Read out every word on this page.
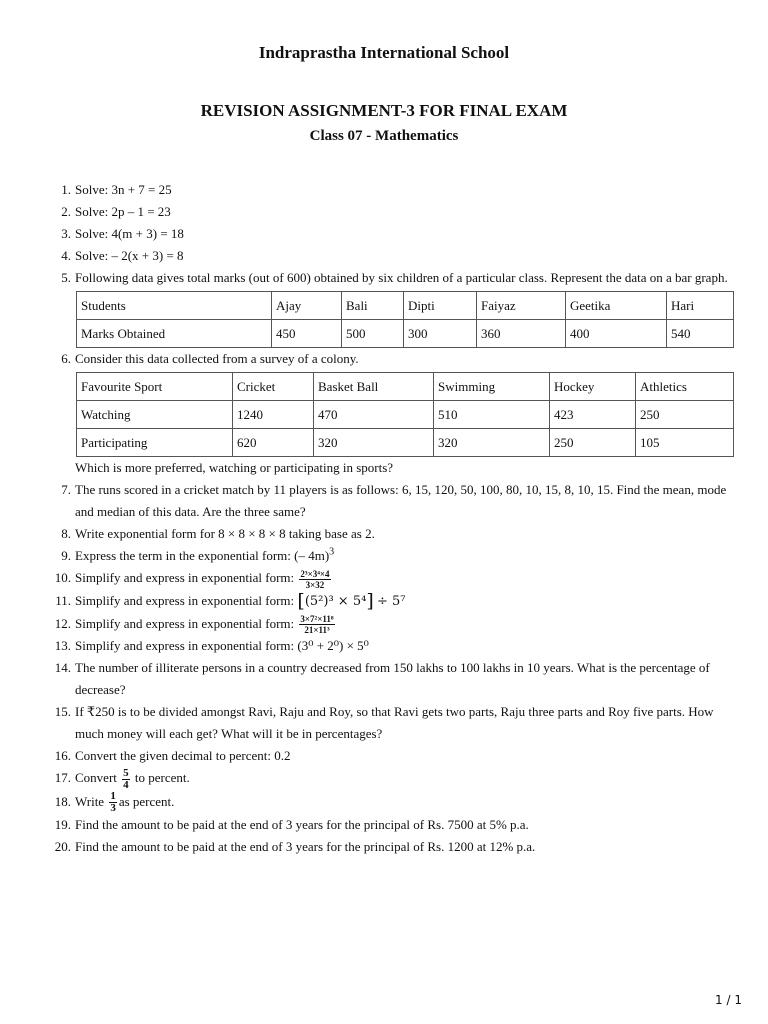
Indraprastha International School
REVISION ASSIGNMENT-3 FOR FINAL EXAM
Class 07 - Mathematics
1. Solve: 3n + 7 = 25
2. Solve: 2p – 1 = 23
3. Solve: 4(m + 3) = 18
4. Solve: – 2(x + 3) = 8
5. Following data gives total marks (out of 600) obtained by six children of a particular class. Represent the data on a bar graph.
Students	Ajay	Bali	Dipti	Faiyaz	Geetika	Hari
Marks Obtained	450	500	300	360	400	540
6. Consider this data collected from a survey of a colony.
Favourite Sport	Cricket	Basket Ball	Swimming	Hockey	Athletics
Watching	1240	470	510	423	250
Participating	620	320	320	250	105
Which is more preferred, watching or participating in sports?
7. The runs scored in a cricket match by 11 players is as follows: 6, 15, 120, 50, 100, 80, 10, 15, 8, 10, 15. Find the mean, mode and median of this data. Are the three same?
8. Write exponential form for 8 × 8 × 8 × 8 taking base as 2.
9. Express the term in the exponential form: (– 4m)$^3$
10. Simplify and express in exponential form: $\frac{\text{2³×3⁴×4}}{3\times 32}$
11. Simplify and express in exponential form: [(5²)³ × 5⁴] ÷ 5⁷
12. Simplify and express in exponential form: $\frac{\text{3×7²×11⁸}}{\text{21×11³}}$
13. Simplify and express in exponential form: (3⁰ + 2⁰) × 5⁰
14. The number of illiterate persons in a country decreased from 150 lakhs to 100 lakhs in 10 years. What is the percentage of decrease?
15. If ₹250 is to be divided amongst Ravi, Raju and Roy, so that Ravi gets two parts, Raju three parts and Roy five parts. How much money will each get? What will it be in percentages?
16. Convert the given decimal to percent: 0.2
17. Convert $\frac{5}{4}$ to percent.
18. Write $\frac{1}{3}$ as percent.
19. Find the amount to be paid at the end of 3 years for the principal of Rs. 7500 at 5% p.a.
20. Find the amount to be paid at the end of 3 years for the principal of Rs. 1200 at 12% p.a.
1 / 1
